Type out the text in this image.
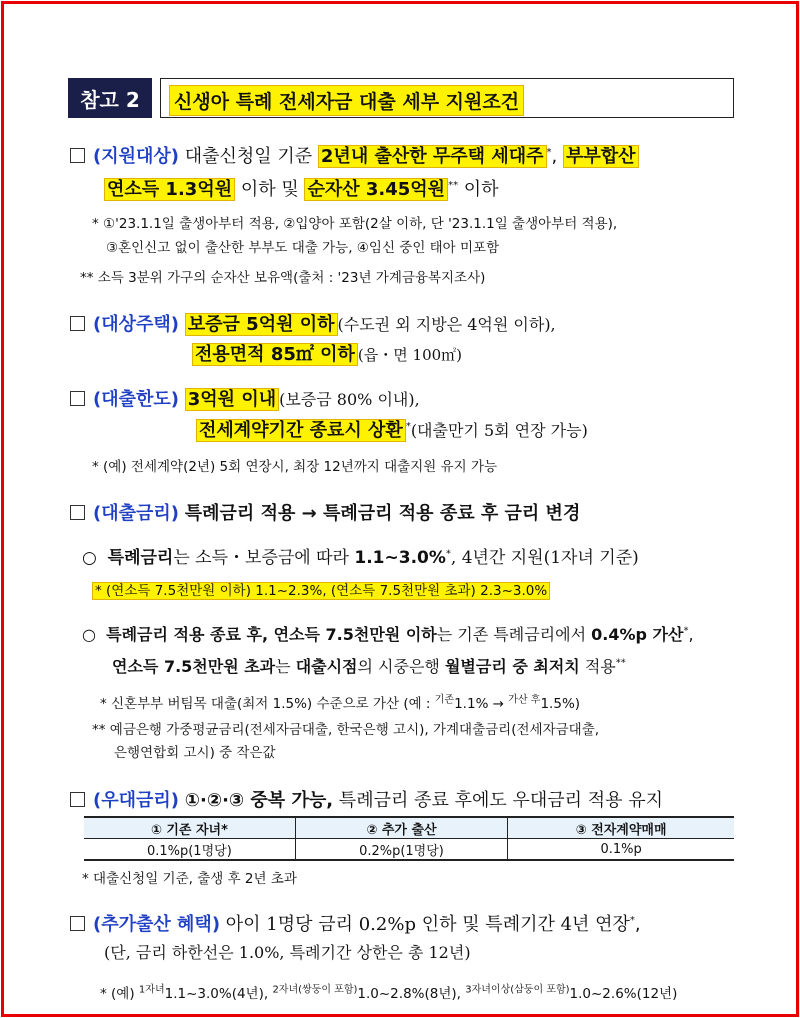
참고 2	신생아 특례 전세자금 대출 세부 지원조건
(지원대상) 대출신청일 기준 2년내 출산한 무주택 세대주 *, 부부합산
연소득 1.3억원 이하 및 순자산 3.45억원 ** 이하
* ①'23.1.1일 출생아부터 적용, ②입양아 포함(2살 이하, 단 '23.1.1일 출생아부터 적용),
③혼인신고 없이 출산한 부부도 대출 가능, ④임신 중인 태아 미포함
** 소득 3분위 가구의 순자산 보유액(출처 : '23년 가계금융복지조사)
(대상주택) 보증금 5억원 이하 (수도권 외 지방은 4억원 이하),
전용면적 85㎡ 이하 (읍・면 100㎡)
(대출한도) 3억원 이내 (보증금 80% 이내),
전세계약기간 종료시 상환 *(대출만기 5회 연장 가능)
* (예) 전세계약(2년) 5회 연장시, 최장 12년까지 대출지원 유지 가능
(대출금리) 특례금리 적용 → 특례금리 적용 종료 후 금리 변경
○ 특례금리는 소득・보증금에 따라 1.1~3.0%*, 4년간 지원(1자녀 기준)
* (연소득 7.5천만원 이하) 1.1~2.3%, (연소득 7.5천만원 초과) 2.3~3.0%
○ 특례금리 적용 종료 후, 연소득 7.5천만원 이하는 기존 특례금리에서 0.4%p 가산*,
연소득 7.5천만원 초과는 대출시점의 시중은행 월별금리 중 최저치 적용**
* 신혼부부 버팀목 대출(최저 1.5%) 수준으로 가산 (예 : $^{기존}$1.1% → $^{가산 후}$1.5%)
** 예금은행 가중평균금리(전세자금대출, 한국은행 고시), 가계대출금리(전세자금대출,
은행연합회 고시) 중 작은값
(우대금리) ①·②·③ 중복 가능, 특례금리 종료 후에도 우대금리 적용 유지
① 기존 자녀*	② 추가 출산	③ 전자계약매매
0.1%p(1명당)	0.2%p(1명당)	0.1%p
* 대출신청일 기준, 출생 후 2년 초과
(추가출산 혜택) 아이 1명당 금리 0.2%p 인하 및 특례기간 4년 연장*,
(단, 금리 하한선은 1.0%, 특례기간 상한은 총 12년)
* (예) $^{1자녀}$1.1~3.0%(4년), $^{2자녀(쌍둥이 포함)}$1.0~2.8%(8년), $^{3자녀이상(삼둥이 포함)}$1.0~2.6%(12년)
